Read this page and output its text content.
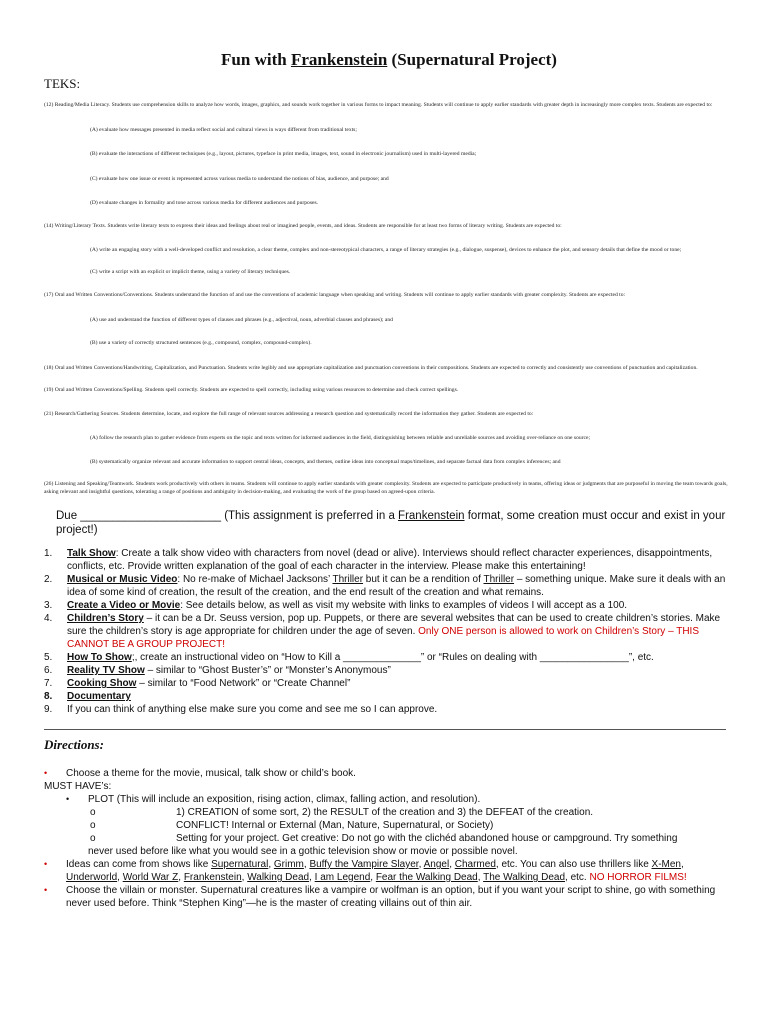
Fun with Frankenstein (Supernatural Project)
TEKS:
(12) Reading/Media Literacy. Students use comprehension skills to analyze how words, images, graphics, and sounds work together in various forms to impact meaning. Students will continue to apply earlier standards with greater depth in increasingly more complex texts. Students are expected to:
(A) evaluate how messages presented in media reflect social and cultural views in ways different from traditional texts;
(B) evaluate the interactions of different techniques (e.g., layout, pictures, typeface in print media, images, text, sound in electronic journalism) used in multi-layered media;
(C) evaluate how one issue or event is represented across various media to understand the notions of bias, audience, and purpose; and
(D) evaluate changes in formality and tone across various media for different audiences and purposes.
(14) Writing/Literary Texts. Students write literary texts to express their ideas and feelings about real or imagined people, events, and ideas. Students are responsible for at least two forms of literary writing. Students are expected to:
(A) write an engaging story with a well-developed conflict and resolution, a clear theme, complex and non-stereotypical characters, a range of literary strategies (e.g., dialogue, suspense), devices to enhance the plot, and sensory details that define the mood or tone;
(C) write a script with an explicit or implicit theme, using a variety of literary techniques.
(17) Oral and Written Conventions/Conventions. Students understand the function of and use the conventions of academic language when speaking and writing. Students will continue to apply earlier standards with greater complexity. Students are expected to:
(A) use and understand the function of different types of clauses and phrases (e.g., adjectival, noun, adverbial clauses and phrases); and
(B) use a variety of correctly structured sentences (e.g., compound, complex, compound-complex).
(18) Oral and Written Conventions/Handwriting, Capitalization, and Punctuation. Students write legibly and use appropriate capitalization and punctuation conventions in their compositions. Students are expected to correctly and consistently use conventions of punctuation and capitalization.
(19) Oral and Written Conventions/Spelling. Students spell correctly. Students are expected to spell correctly, including using various resources to determine and check correct spellings.
(21) Research/Gathering Sources. Students determine, locate, and explore the full range of relevant sources addressing a research question and systematically record the information they gather. Students are expected to:
(A) follow the research plan to gather evidence from experts on the topic and texts written for informed audiences in the field, distinguishing between reliable and unreliable sources and avoiding over-reliance on one source;
(B) systematically organize relevant and accurate information to support central ideas, concepts, and themes, outline ideas into conceptual maps/timelines, and separate factual data from complex inferences; and
(26) Listening and Speaking/Teamwork. Students work productively with others in teams. Students will continue to apply earlier standards with greater complexity. Students are expected to participate productively in teams, offering ideas or judgments that are purposeful in moving the team towards goals, asking relevant and insightful questions, tolerating a range of positions and ambiguity in decision-making, and evaluating the work of the group based on agreed-upon criteria.
Due ______________________ (This assignment is preferred in a Frankenstein format, some creation must occur and exist in your project!)
1. Talk Show: Create a talk show video with characters from novel (dead or alive). Interviews should reflect character experiences, disappointments, conflicts, etc. Provide written explanation of the goal of each character in the interview. Please make this entertaining!
2. Musical or Music Video: No re-make of Michael Jacksons’ Thriller but it can be a rendition of Thriller – something unique. Make sure it deals with an idea of some kind of creation, the result of the creation, and the end result of the creation and what remains.
3. Create a Video or Movie: See details below, as well as visit my website with links to examples of videos I will accept as a 100.
4. Children’s Story – it can be a Dr. Seuss version, pop up. Puppets, or there are several websites that can be used to create children’s stories. Make sure the children’s story is age appropriate for children under the age of seven. Only ONE person is allowed to work on Children’s Story – THIS CANNOT BE A GROUP PROJECT!
5. How To Show;, create an instructional video on “How to Kill a ______________” or “Rules on dealing with ________________”, etc.
6. Reality TV Show – similar to “Ghost Buster’s” or “Monster’s Anonymous”
7. Cooking Show – similar to “Food Network” or “Create Channel”
8. Documentary
9. If you can think of anything else make sure you come and see me so I can approve.
Directions:
• Choose a theme for the movie, musical, talk show or child’s book.
MUST HAVE’s:
• PLOT (This will include an exposition, rising action, climax, falling action, and resolution).
o	1) CREATION of some sort, 2) the RESULT of the creation and 3) the DEFEAT of the creation.
o	CONFLICT! Internal or External (Man, Nature, Supernatural, or Society)
o	Setting for your project. Get creative: Do not go with the clichéd abandoned house or campground. Try something
never used before like what you would see in a gothic television show or movie or possible novel.
• Ideas can come from shows like Supernatural, Grimm, Buffy the Vampire Slayer, Angel, Charmed, etc. You can also use thrillers like X-Men, Underworld, World War Z, Frankenstein, Walking Dead, I am Legend, Fear the Walking Dead, The Walking Dead, etc. NO HORROR FILMS!
• Choose the villain or monster. Supernatural creatures like a vampire or wolfman is an option, but if you want your script to shine, go with something never used before. Think “Stephen King”—he is the master of creating villains out of thin air.
